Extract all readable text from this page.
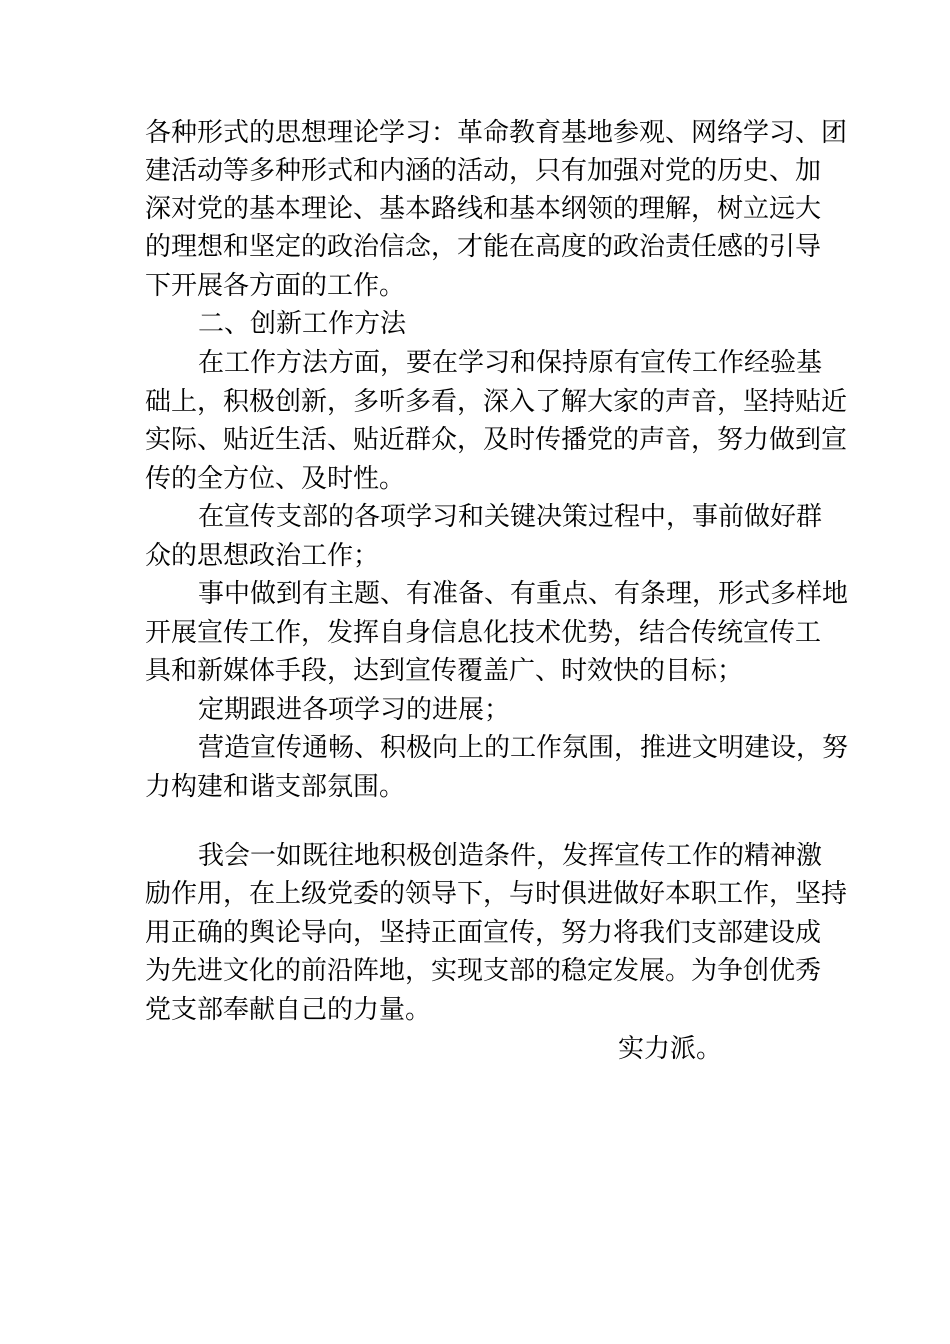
各种形式的思想理论学习：革命教育基地参观、网络学习、团
建活动等多种形式和内涵的活动，只有加强对党的历史、加
深对党的基本理论、基本路线和基本纲领的理解，树立远大
的理想和坚定的政治信念，才能在高度的政治责任感的引导
下开展各方面的工作。
二、创新工作方法
在工作方法方面，要在学习和保持原有宣传工作经验基
础上，积极创新，多听多看，深入了解大家的声音，坚持贴近
实际、贴近生活、贴近群众，及时传播党的声音，努力做到宣
传的全方位、及时性。
在宣传支部的各项学习和关键决策过程中，事前做好群
众的思想政治工作；
事中做到有主题、有准备、有重点、有条理，形式多样地
开展宣传工作，发挥自身信息化技术优势，结合传统宣传工
具和新媒体手段，达到宣传覆盖广、时效快的目标；
定期跟进各项学习的进展；
营造宣传通畅、积极向上的工作氛围，推进文明建设，努
力构建和谐支部氛围。
我会一如既往地积极创造条件，发挥宣传工作的精神激
励作用，在上级党委的领导下，与时俱进做好本职工作，坚持
用正确的舆论导向，坚持正面宣传，努力将我们支部建设成
为先进文化的前沿阵地，实现支部的稳定发展。为争创优秀
党支部奉献自己的力量。
实力派。
